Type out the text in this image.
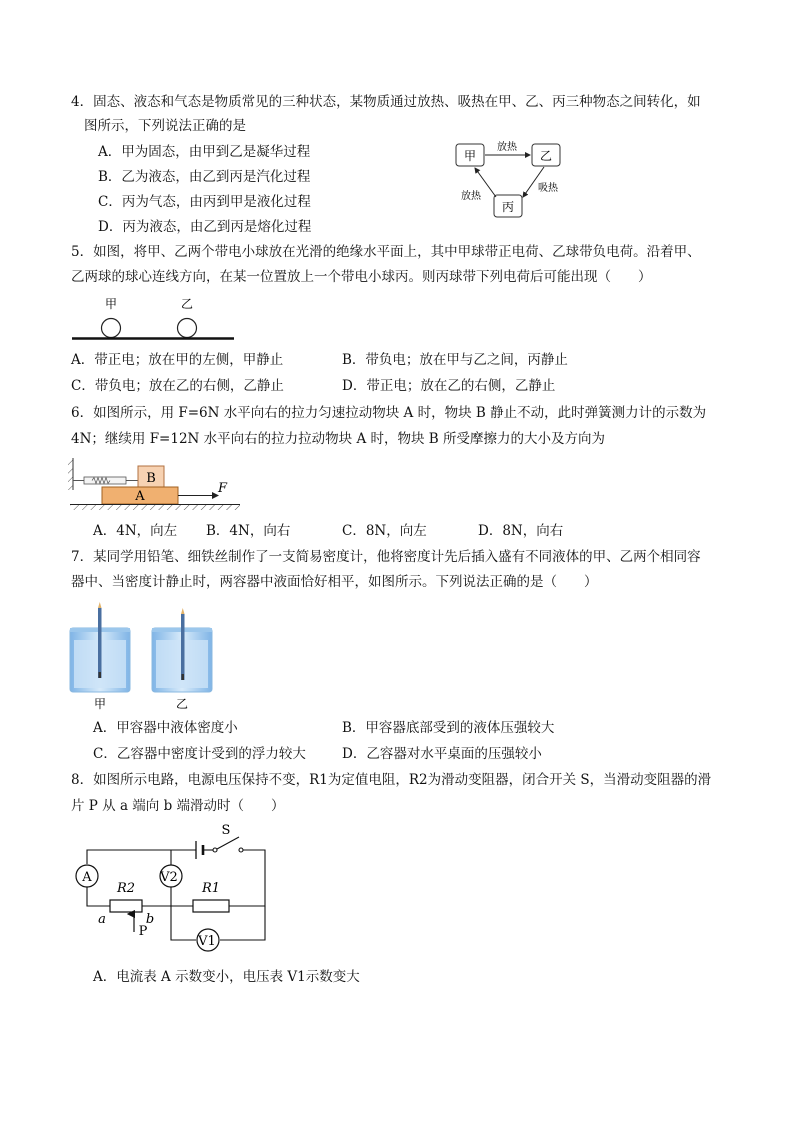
4．固态、液态和气态是物质常见的三种状态，某物质通过放热、吸热在甲、乙、丙三种物态之间转化，如
图所示，下列说法正确的是
A．甲为固态，由甲到乙是凝华过程
B．乙为液态，由乙到丙是汽化过程
C．丙为气态，由丙到甲是液化过程
D．丙为液态，由乙到丙是熔化过程
甲	乙
丙
放热
吸热
放热
5．如图，将甲、乙两个带电小球放在光滑的绝缘水平面上，其中甲球带正电荷、乙球带负电荷。沿着甲、
乙两球的球心连线方向，在某一位置放上一个带电小球丙。则丙球带下列电荷后可能出现（　　）
甲	乙
A．带正电；放在甲的左侧，甲静止	B．带负电；放在甲与乙之间，丙静止
C．带负电；放在乙的右侧，乙静止	D．带正电；放在乙的右侧，乙静止
6．如图所示，用 F=6N 水平向右的拉力匀速拉动物块 A 时，物块 B 静止不动，此时弹簧测力计的示数为
4N；继续用 F=12N 水平向右的拉力拉动物块 A 时，物块 B 所受摩擦力的大小及方向为
B
A
F
A．4N，向左 B．4N，向右	C．8N，向左	D．8N，向右
7．某同学用铅笔、细铁丝制作了一支简易密度计，他将密度计先后插入盛有不同液体的甲、乙两个相同容
器中、当密度计静止时，两容器中液面恰好相平，如图所示。下列说法正确的是（　　）
甲	乙
A．甲容器中液体密度小	B．甲容器底部受到的液体压强较大
C．乙容器中密度计受到的浮力较大	D．乙容器对水平桌面的压强较小
8．如图所示电路，电源电压保持不变，R1为定值电阻，R2为滑动变阻器，闭合开关 S，当滑动变阻器的滑
片 P 从 a 端向 b 端滑动时（　　）
A	V2
V1
R2
P
a	b
R1
S
A．电流表 A 示数变小，电压表 V1示数变大
